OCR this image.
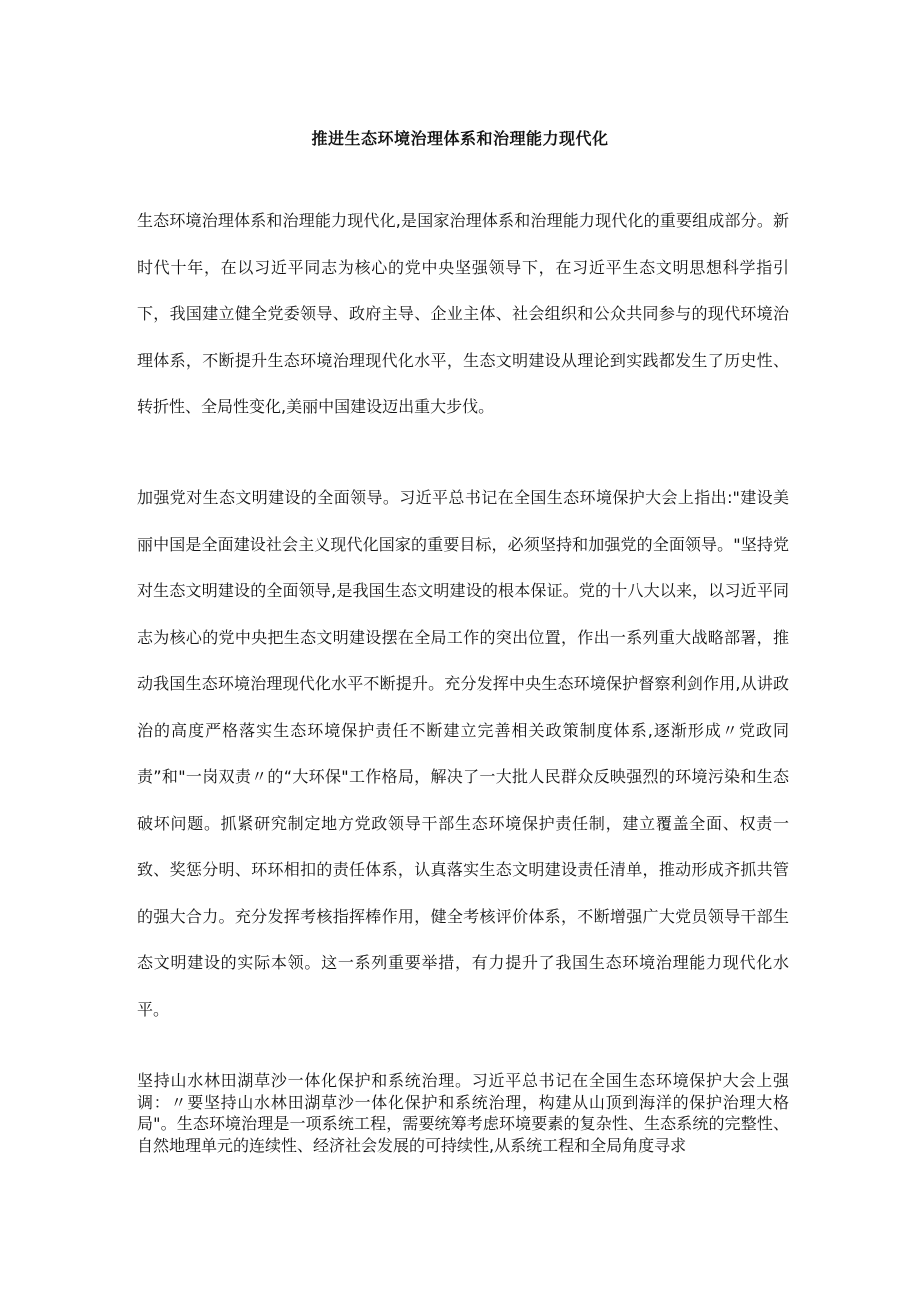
推进生态环境治理体系和治理能力现代化
生态环境治理体系和治理能力现代化,是国家治理体系和治理能力现代化的重要组成部分。新时代十年，在以习近平同志为核心的党中央坚强领导下，在习近平生态文明思想科学指引下，我国建立健全党委领导、政府主导、企业主体、社会组织和公众共同参与的现代环境治理体系，不断提升生态环境治理现代化水平，生态文明建设从理论到实践都发生了历史性、转折性、全局性变化,美丽中国建设迈出重大步伐。
加强党对生态文明建设的全面领导。习近平总书记在全国生态环境保护大会上指出:"建设美丽中国是全面建设社会主义现代化国家的重要目标，必须坚持和加强党的全面领导。"坚持党对生态文明建设的全面领导,是我国生态文明建设的根本保证。党的十八大以来，以习近平同志为核心的党中央把生态文明建设摆在全局工作的突出位置，作出一系列重大战略部署，推动我国生态环境治理现代化水平不断提升。充分发挥中央生态环境保护督察利剑作用,从讲政治的高度严格落实生态环境保护责任不断建立完善相关政策制度体系,逐渐形成〃党政同责”和"一岗双责〃的“大环保"工作格局，解决了一大批人民群众反映强烈的环境污染和生态破坏问题。抓紧研究制定地方党政领导干部生态环境保护责任制，建立覆盖全面、权责一致、奖惩分明、环环相扣的责任体系，认真落实生态文明建设责任清单，推动形成齐抓共管的强大合力。充分发挥考核指挥棒作用，健全考核评价体系，不断增强广大党员领导干部生态文明建设的实际本领。这一系列重要举措，有力提升了我国生态环境治理能力现代化水平。
坚持山水林田湖草沙一体化保护和系统治理。习近平总书记在全国生态环境保护大会上强调：〃要坚持山水林田湖草沙一体化保护和系统治理，构建从山顶到海洋的保护治理大格局"。生态环境治理是一项系统工程，需要统筹考虑环境要素的复杂性、生态系统的完整性、自然地理单元的连续性、经济社会发展的可持续性,从系统工程和全局角度寻求
